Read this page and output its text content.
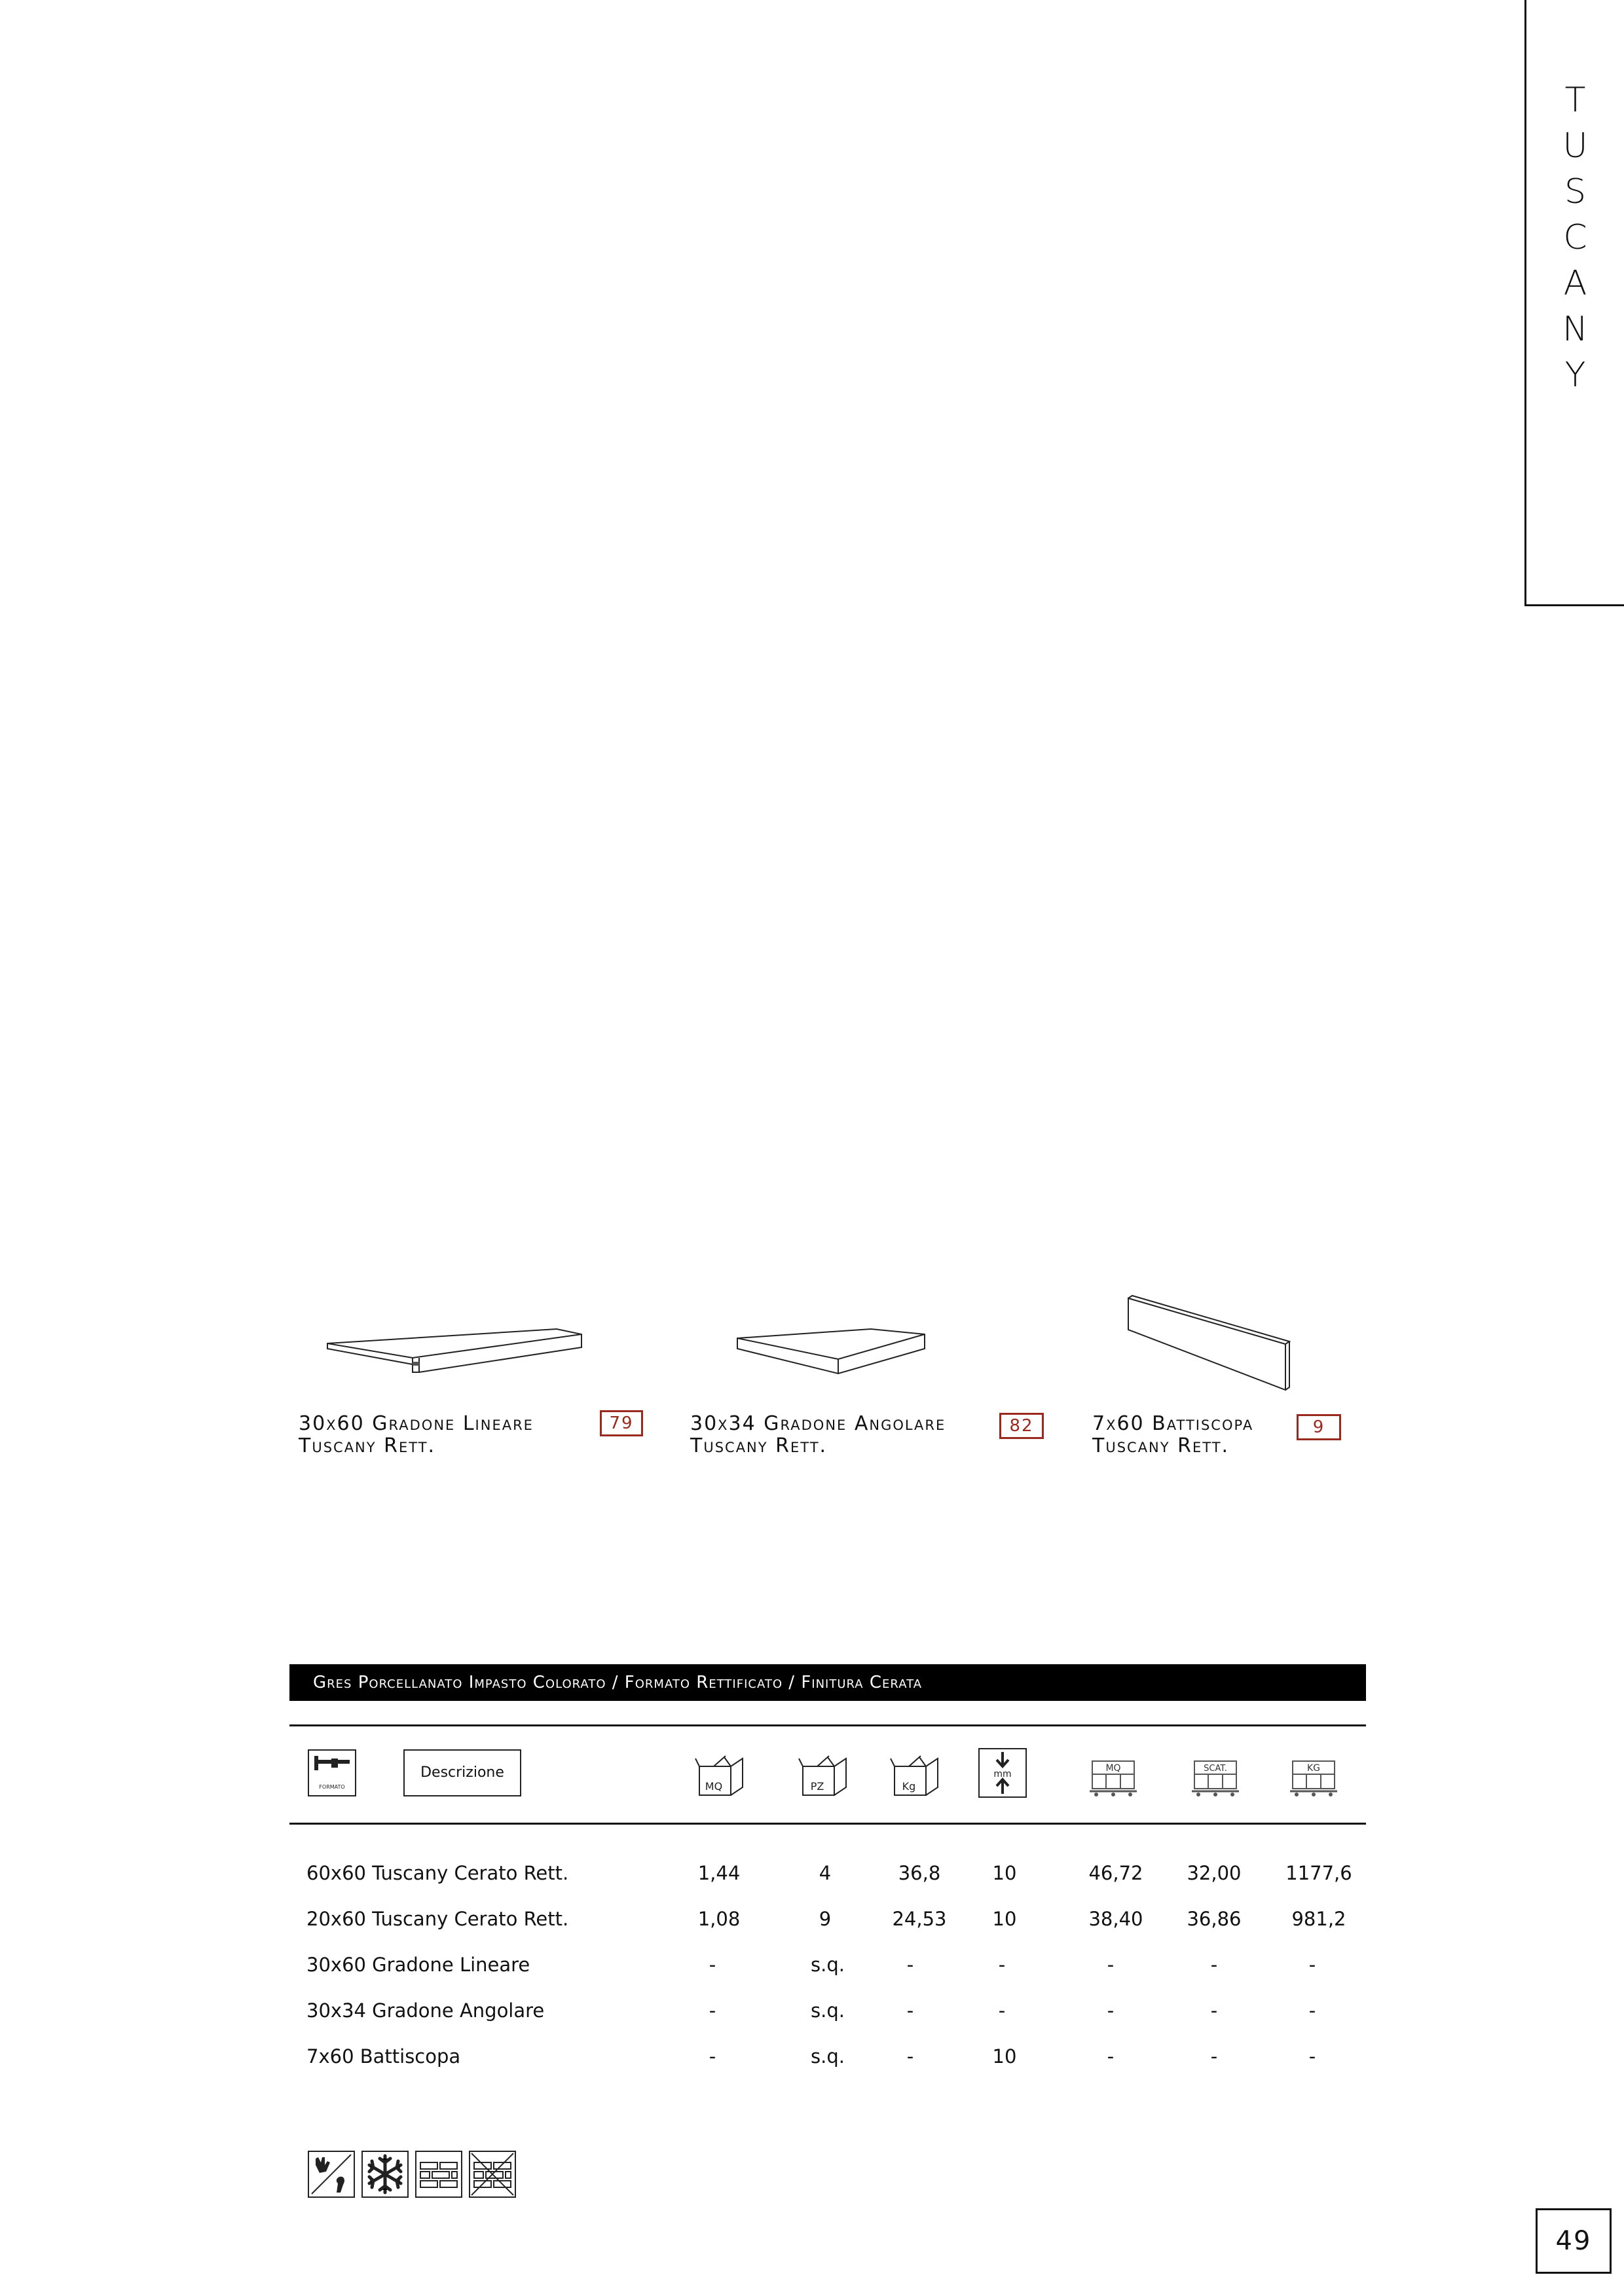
T
U
S
C
A
N
Y
30x60 Gradone Lineare
Tuscany Rett.
79	30x34 Gradone Angolare
Tuscany Rett.
82	7x60 Battiscopa
Tuscany Rett.
9
Gres Porcellanato Impasto Colorato / Formato Rettificato / Finitura Cerata
FORMATO
Descrizione
MQ	PZ	Kg
mm
MQ	SCAT.	KG
60x60 Tuscany Cerato Rett.	1,44	4	36,8	10	46,72	32,00	1177,6
20x60 Tuscany Cerato Rett.	1,08	9	24,53	10	38,40	36,86	981,2
30x60 Gradone Lineare	-	s.q.	-	-	-	-	-
30x34 Gradone Angolare	-	s.q.	-	-	-	-	-
7x60 Battiscopa	-	s.q.	-	10	-	-	-
49
